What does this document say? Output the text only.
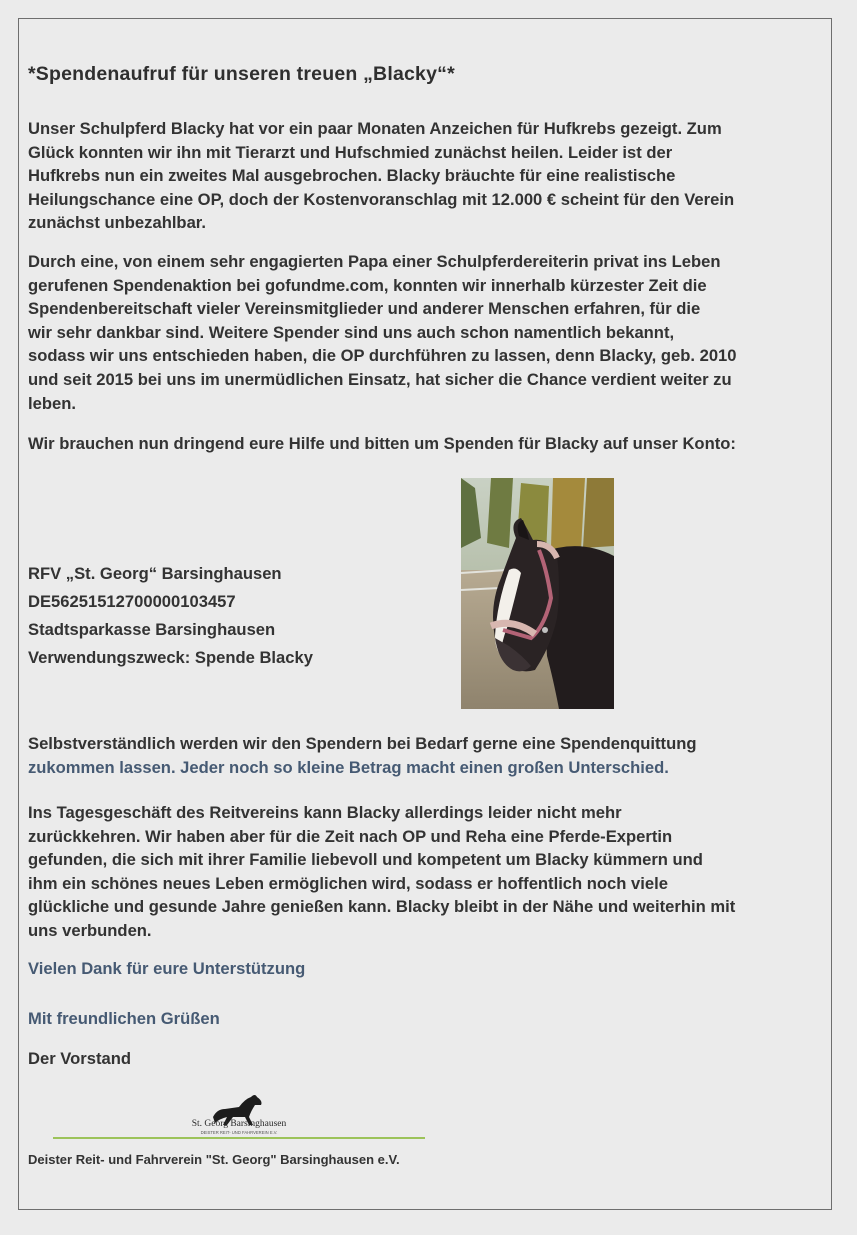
*Spendenaufruf für unseren treuen „Blacky“*

Unser Schulpferd Blacky hat vor ein paar Monaten Anzeichen für Hufkrebs gezeigt. Zum
Glück konnten wir ihn mit Tierarzt und Hufschmied zunächst heilen. Leider ist der
Hufkrebs nun ein zweites Mal ausgebrochen. Blacky bräuchte für eine realistische
Heilungschance eine OP, doch der Kostenvoranschlag mit 12.000 € scheint für den Verein
zunächst unbezahlbar.

Durch eine, von einem sehr engagierten Papa einer Schulpferdereiterin privat ins Leben
gerufenen Spendenaktion bei gofundme.com, konnten wir innerhalb kürzester Zeit die
Spendenbereitschaft vieler Vereinsmitglieder und anderer Menschen erfahren, für die
wir sehr dankbar sind. Weitere Spender sind uns auch schon namentlich bekannt,
sodass wir uns entschieden haben, die OP durchführen zu lassen, denn Blacky, geb. 2010
und seit 2015 bei uns im unermüdlichen Einsatz, hat sicher die Chance verdient weiter zu
leben.

Wir brauchen nun dringend eure Hilfe und bitten um Spenden für Blacky auf unser Konto:

RFV „St. Georg“ Barsinghausen
DE56251512700000103457
Stadtsparkasse Barsinghausen
Verwendungszweck: Spende Blacky

Selbstverständlich werden wir den Spendern bei Bedarf gerne eine Spendenquittung
zukommen lassen. Jeder noch so kleine Betrag macht einen großen Unterschied.

Ins Tagesgeschäft des Reitvereins kann Blacky allerdings leider nicht mehr
zurückkehren. Wir haben aber für die Zeit nach OP und Reha eine Pferde-Expertin
gefunden, die sich mit ihrer Familie liebevoll und kompetent um Blacky kümmern und
ihm ein schönes neues Leben ermöglichen wird, sodass er hoffentlich noch viele
glückliche und gesunde Jahre genießen kann. Blacky bleibt in der Nähe und weiterhin mit
uns verbunden.

Vielen Dank für eure Unterstützung

Mit freundlichen Grüßen

Der Vorstand

St. Georg Barsinghausen
DEISTER REIT- UND FAHRVEREIN E.V.

Deister Reit- und Fahrverein "St. Georg" Barsinghausen e.V.
